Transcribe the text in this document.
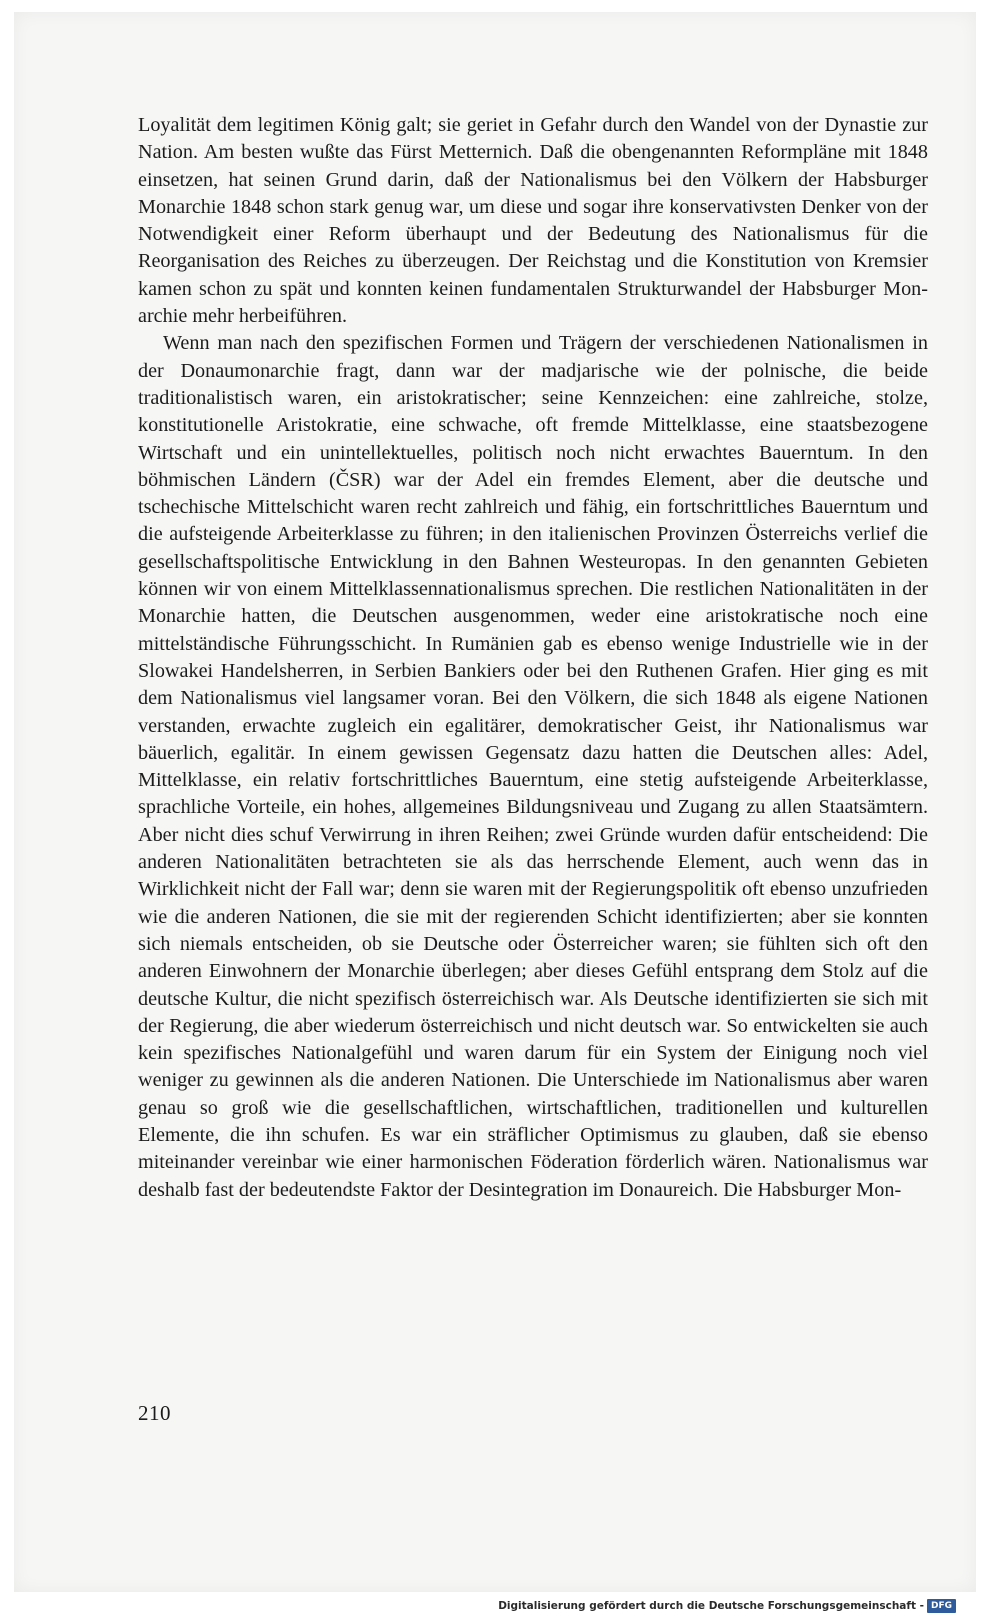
Loyalität dem legitimen König galt; sie geriet in Gefahr durch den Wandel von der Dynastie zur Nation. Am besten wußte das Fürst Metternich. Daß die obengenannten Reformpläne mit 1848 einsetzen, hat seinen Grund darin, daß der Nationalismus bei den Völkern der Habsburger Monarchie 1848 schon stark genug war, um diese und sogar ihre konservativsten Denker von der Notwendigkeit einer Reform überhaupt und der Bedeutung des Nationalismus für die Reorganisation des Reiches zu überzeugen. Der Reichstag und die Konstitution von Kremsier kamen schon zu spät und konnten keinen fundamentalen Strukturwandel der Habsburger Monarchie mehr herbeiführen.

Wenn man nach den spezifischen Formen und Trägern der verschiedenen Nationalismen in der Donaumonarchie fragt, dann war der madjarische wie der polnische, die beide traditionalistisch waren, ein aristokratischer; seine Kennzeichen: eine zahlreiche, stolze, konstitutionelle Aristokratie, eine schwache, oft fremde Mittelklasse, eine staatsbezogene Wirtschaft und ein unintellektuelles, politisch noch nicht erwachtes Bauerntum. In den böhmischen Ländern (ČSR) war der Adel ein fremdes Element, aber die deutsche und tschechische Mittelschicht waren recht zahlreich und fähig, ein fortschrittliches Bauerntum und die aufsteigende Arbeiterklasse zu führen; in den italienischen Provinzen Österreichs verlief die gesellschaftspolitische Entwicklung in den Bahnen Westeuropas. In den genannten Gebieten können wir von einem Mittelklassennationalismus sprechen. Die restlichen Nationalitäten in der Monarchie hatten, die Deutschen ausgenommen, weder eine aristokratische noch eine mittelständische Führungsschicht. In Rumänien gab es ebenso wenige Industrielle wie in der Slowakei Handelsherren, in Serbien Bankiers oder bei den Ruthenen Grafen. Hier ging es mit dem Nationalismus viel langsamer voran. Bei den Völkern, die sich 1848 als eigene Nationen verstanden, erwachte zugleich ein egalitärer, demokratischer Geist, ihr Nationalismus war bäuerlich, egalitär. In einem gewissen Gegensatz dazu hatten die Deutschen alles: Adel, Mittelklasse, ein relativ fortschrittliches Bauerntum, eine stetig aufsteigende Arbeiterklasse, sprachliche Vorteile, ein hohes, allgemeines Bildungsniveau und Zugang zu allen Staatsämtern. Aber nicht dies schuf Verwirrung in ihren Reihen; zwei Gründe wurden dafür entscheidend: Die anderen Nationalitäten betrachteten sie als das herrschende Element, auch wenn das in Wirklichkeit nicht der Fall war; denn sie waren mit der Regierungspolitik oft ebenso unzufrieden wie die anderen Nationen, die sie mit der regierenden Schicht identifizierten; aber sie konnten sich niemals entscheiden, ob sie Deutsche oder Österreicher waren; sie fühlten sich oft den anderen Einwohnern der Monarchie überlegen; aber dieses Gefühl entsprang dem Stolz auf die deutsche Kultur, die nicht spezifisch österreichisch war. Als Deutsche identifizierten sie sich mit der Regierung, die aber wiederum österreichisch und nicht deutsch war. So entwickelten sie auch kein spezifisches Nationalgefühl und waren darum für ein System der Einigung noch viel weniger zu gewinnen als die anderen Nationen. Die Unterschiede im Nationalismus aber waren genau so groß wie die gesellschaftlichen, wirtschaftlichen, traditionellen und kulturellen Elemente, die ihn schufen. Es war ein sträflicher Optimismus zu glauben, daß sie ebenso miteinander vereinbar wie einer harmonischen Föderation förderlich wären. Nationalismus war deshalb fast der bedeutendste Faktor der Desintegration im Donaureich. Die Habsburger Mon-

210
Digitalisierung gefördert durch die Deutsche Forschungsgemeinschaft - DFG
